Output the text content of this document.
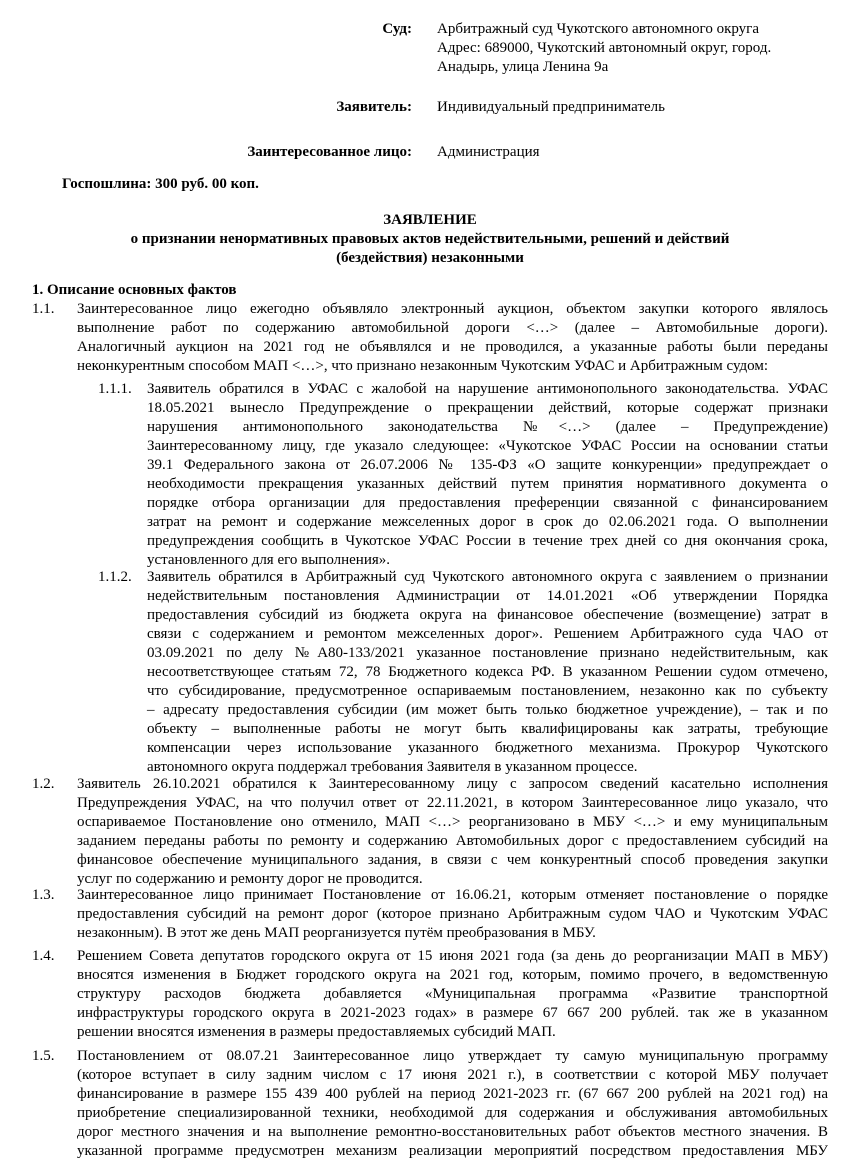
Суд: Арбитражный суд Чукотского автономного округа
Адрес: 689000, Чукотский автономный округ, город.
Анадырь, улица Ленина 9а
Заявитель: Индивидуальный предприниматель
Заинтересованное лицо: Администрация
Госпошлина: 300 руб. 00 коп.
ЗАЯВЛЕНИЕ
о признании ненормативных правовых актов недействительными, решений и действий
(бездействия) незаконными
1. Описание основных фактов
1.1. Заинтересованное лицо ежегодно объявляло электронный аукцион, объектом закупки которого являлось
выполнение работ по содержанию автомобильной дороги <…> (далее – Автомобильные дороги).
Аналогичный аукцион на 2021 год не объявлялся и не проводился, а указанные работы были переданы
неконкурентным способом МАП <…>, что признано незаконным Чукотским УФАС и Арбитражным судом:
1.1.1. Заявитель обратился в УФАС с жалобой на нарушение антимонопольного законодательства. УФАС
18.05.2021 вынесло Предупреждение о прекращении действий, которые содержат признаки
нарушения антимонопольного законодательства №<…> (далее – Предупреждение)
Заинтересованному лицу, где указало следующее: «Чукотское УФАС России на основании статьи
39.1 Федерального закона от 26.07.2006 № 135-ФЗ «О защите конкуренции» предупреждает о
необходимости прекращения указанных действий путем принятия нормативного документа о
порядке отбора организации для предоставления преференции связанной с финансированием
затрат на ремонт и содержание межселенных дорог в срок до 02.06.2021 года. О выполнении
предупреждения сообщить в Чукотское УФАС России в течение трех дней со дня окончания срока,
установленного для его выполнения».
1.1.2. Заявитель обратился в Арбитражный суд Чукотского автономного округа с заявлением о признании
недействительным постановления Администрации от 14.01.2021 «Об утверждении Порядка
предоставления субсидий из бюджета округа на финансовое обеспечение (возмещение) затрат в
связи с содержанием и ремонтом межселенных дорог». Решением Арбитражного суда ЧАО от
03.09.2021 по делу №А80-133/2021 указанное постановление признано недействительным, как
несоответствующее статьям 72, 78 Бюджетного кодекса РФ. В указанном Решении судом отмечено,
что субсидирование, предусмотренное оспариваемым постановлением, незаконно как по субъекту
– адресату предоставления субсидии (им может быть только бюджетное учреждение), – так и по
объекту – выполненные работы не могут быть квалифицированы как затраты, требующие
компенсации через использование указанного бюджетного механизма. Прокурор Чукотского
автономного округа поддержал требования Заявителя в указанном процессе.
1.2. Заявитель 26.10.2021 обратился к Заинтересованному лицу с запросом сведений касательно исполнения
Предупреждения УФАС, на что получил ответ от 22.11.2021, в котором Заинтересованное лицо указало, что
оспариваемое Постановление оно отменило, МАП <…> реорганизовано в МБУ <…> и ему муниципальным
заданием переданы работы по ремонту и содержанию Автомобильных дорог с предоставлением субсидий на
финансовое обеспечение муниципального задания, в связи с чем конкурентный способ проведения закупки
услуг по содержанию и ремонту дорог не проводится.
1.3. Заинтересованное лицо принимает Постановление от 16.06.21, которым отменяет постановление о порядке
предоставления субсидий на ремонт дорог (которое признано Арбитражным судом ЧАО и Чукотским УФАС
незаконным). В этот же день МАП реорганизуется путём преобразования в МБУ.
1.4. Решением Совета депутатов городского округа от 15 июня 2021 года (за день до реорганизации МАП в МБУ)
вносятся изменения в Бюджет городского округа на 2021 год, которым, помимо прочего, в ведомственную
структуру расходов бюджета добавляется «Муниципальная программа «Развитие транспортной
инфраструктуры городского округа в 2021-2023 годах» в размере 67 667 200 рублей. так же в указанном
решении вносятся изменения в размеры предоставляемых субсидий МАП.
1.5. Постановлением от 08.07.21 Заинтересованное лицо утверждает ту самую муниципальную программу
(которое вступает в силу задним числом с 17 июня 2021 г.), в соответствии с которой МБУ получает
финансирование в размере 155 439 400 рублей на период 2021-2023 гг. (67 667 200 рублей на 2021 год) на
приобретение специализированной техники, необходимой для содержания и обслуживания автомобильных
дорог местного значения и на выполнение ремонтно-восстановительных работ объектов местного значения. В
указанной программе предусмотрен механизм реализации мероприятий посредством предоставления МБУ
